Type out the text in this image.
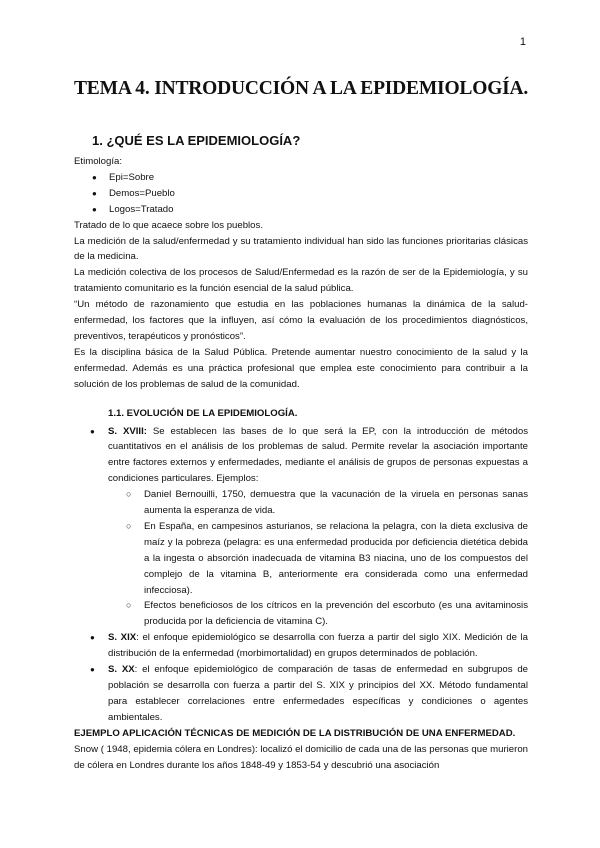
1
TEMA 4. INTRODUCCIÓN A LA EPIDEMIOLOGÍA.
1. ¿QUÉ ES LA EPIDEMIOLOGÍA?

Etimología:

● Epi=Sobre
● Demos=Pueblo
● Logos=Tratado

Tratado de lo que acaece sobre los pueblos.

La medición de la salud/enfermedad y su tratamiento individual han sido las funciones prioritarias clásicas de la medicina.

La medición colectiva de los procesos de Salud/Enfermedad es la razón de ser de la Epidemiología, y su tratamiento comunitario es la función esencial de la salud pública.

“Un método de razonamiento que estudia en las poblaciones humanas la dinámica de la salud-enfermedad, los factores que la influyen, así cómo la evaluación de los procedimientos diagnósticos, preventivos, terapéuticos y pronósticos”.

Es la disciplina básica de la Salud Pública. Pretende aumentar nuestro conocimiento de la salud y la enfermedad. Además es una práctica profesional que emplea este conocimiento para contribuir a la solución de los problemas de salud de la comunidad.

1.1. EVOLUCIÓN DE LA EPIDEMIOLOGÍA.
● S. XVIII: Se establecen las bases de lo que será la EP, con la introducción de métodos cuantitativos en el análisis de los problemas de salud. Permite revelar la asociación importante entre factores externos y enfermedades, mediante el análisis de grupos de personas expuestas a condiciones particulares. Ejemplos:
○ Daniel Bernouilli, 1750, demuestra que la vacunación de la viruela en personas sanas aumenta la esperanza de vida.
○ En España, en campesinos asturianos, se relaciona la pelagra, con la dieta exclusiva de maíz y la pobreza (pelagra: es una enfermedad producida por deficiencia dietética debida a la ingesta o absorción inadecuada de vitamina B3 niacina, uno de los compuestos del complejo de la vitamina B, anteriormente era considerada como una enfermedad infecciosa).
○ Efectos beneficiosos de los cítricos en la prevención del escorbuto (es una avitaminosis producida por la deficiencia de vitamina C).
● S. XIX: el enfoque epidemiológico se desarrolla con fuerza a partir del siglo XIX. Medición de la distribución de la enfermedad (morbimortalidad) en grupos determinados de población.
● S. XX: el enfoque epidemiológico de comparación de tasas de enfermedad en subgrupos de población se desarrolla con fuerza a partir del S. XIX y principios del XX. Método fundamental para establecer correlaciones entre enfermedades específicas y condiciones o agentes ambientales.

EJEMPLO APLICACIÓN TÉCNICAS DE MEDICIÓN DE LA DISTRIBUCIÓN DE UNA ENFERMEDAD.

Snow ( 1948, epidemia cólera en Londres): localizó el domicilio de cada una de las personas que murieron de cólera en Londres durante los años 1848-49 y 1853-54 y descubrió una asociación
